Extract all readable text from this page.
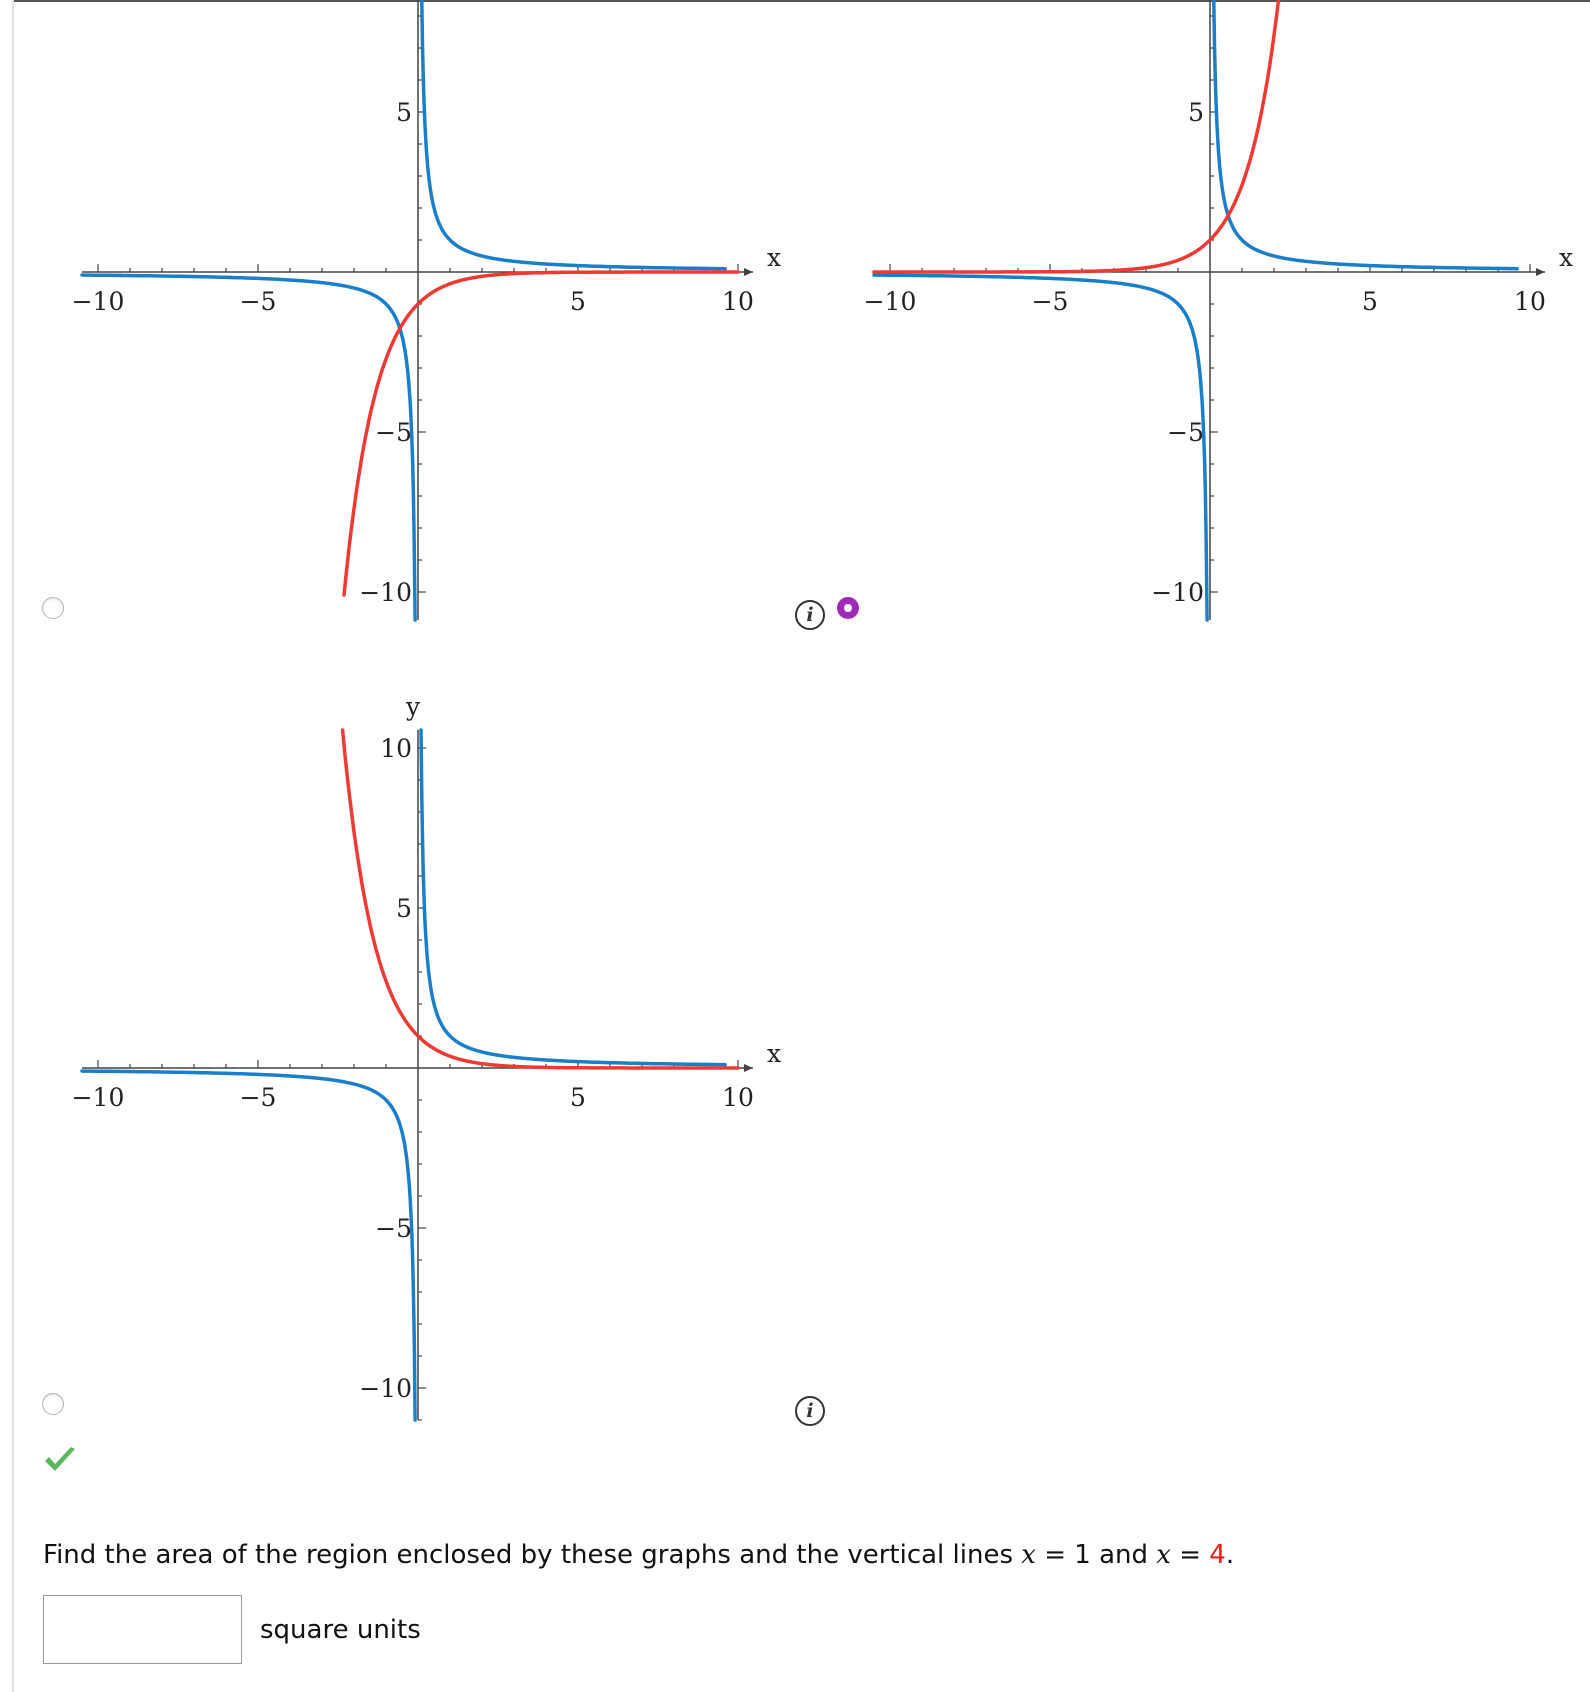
−10	−5	5	10
5
−5
−10
x
−10	−5	5	10
5
−5
−10
x
−10	−5	5	10
10
5
−5
−10
x
y
i
i
Find the area of the region enclosed by these graphs and the vertical lines x = 1 and x = 4.
square units
